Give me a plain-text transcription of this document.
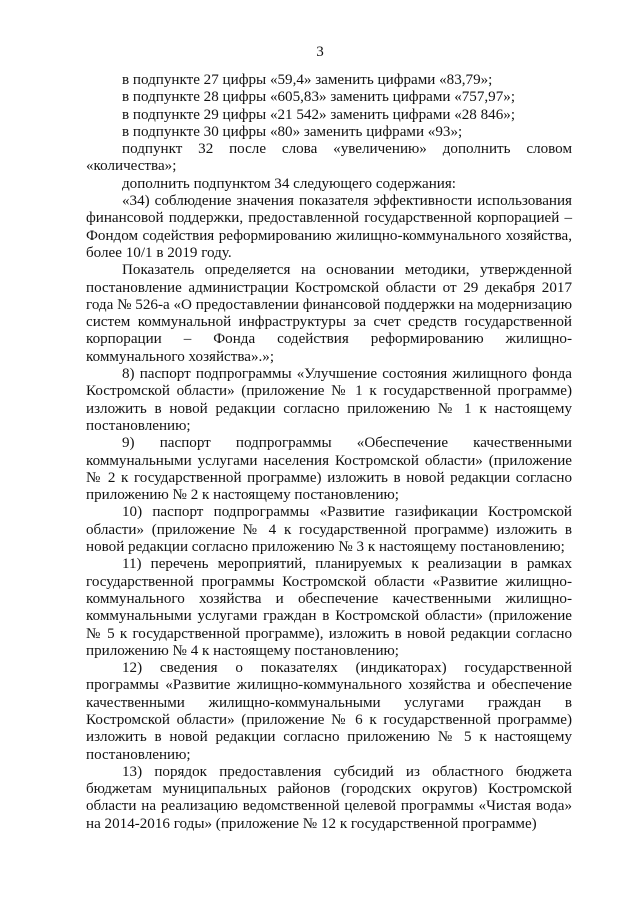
3

в подпункте 27 цифры «59,4» заменить цифрами «83,79»;

в подпункте 28 цифры «605,83» заменить цифрами «757,97»;

в подпункте 29 цифры «21 542» заменить цифрами «28 846»;

в подпункте 30 цифры «80» заменить цифрами «93»;

подпункт 32 после слова «увеличению» дополнить словом «количества»;

дополнить подпунктом 34 следующего содержания:

«34) соблюдение значения показателя эффективности использования финансовой поддержки, предоставленной государственной корпорацией – Фондом содействия реформированию жилищно-коммунального хозяйства, более 10/1 в 2019 году.

Показатель определяется на основании методики, утвержденной постановление администрации Костромской области от 29 декабря 2017 года № 526-а «О предоставлении финансовой поддержки на модернизацию систем коммунальной инфраструктуры за счет средств государственной корпорации – Фонда содействия реформированию жилищно-коммунального хозяйства».»;

8) паспорт подпрограммы «Улучшение состояния жилищного фонда Костромской области» (приложение № 1 к государственной программе) изложить в новой редакции согласно приложению № 1 к настоящему постановлению;

9) паспорт подпрограммы «Обеспечение качественными коммунальными услугами населения Костромской области» (приложение № 2 к государственной программе) изложить в новой редакции согласно приложению № 2 к настоящему постановлению;

10) паспорт подпрограммы «Развитие газификации Костромской области» (приложение № 4 к государственной программе) изложить в новой редакции согласно приложению № 3 к настоящему постановлению;

11) перечень мероприятий, планируемых к реализации в рамках государственной программы Костромской области «Развитие жилищно-коммунального хозяйства и обеспечение качественными жилищно-коммунальными услугами граждан в Костромской области» (приложение № 5 к государственной программе), изложить в новой редакции согласно приложению № 4 к настоящему постановлению;

12) сведения о показателях (индикаторах) государственной программы «Развитие жилищно-коммунального хозяйства и обеспечение качественными жилищно-коммунальными услугами граждан в Костромской области» (приложение № 6 к государственной программе) изложить в новой редакции согласно приложению № 5 к настоящему постановлению;

13) порядок предоставления субсидий из областного бюджета бюджетам муниципальных районов (городских округов) Костромской области на реализацию ведомственной целевой программы «Чистая вода» на 2014-2016 годы» (приложение № 12 к государственной программе)
